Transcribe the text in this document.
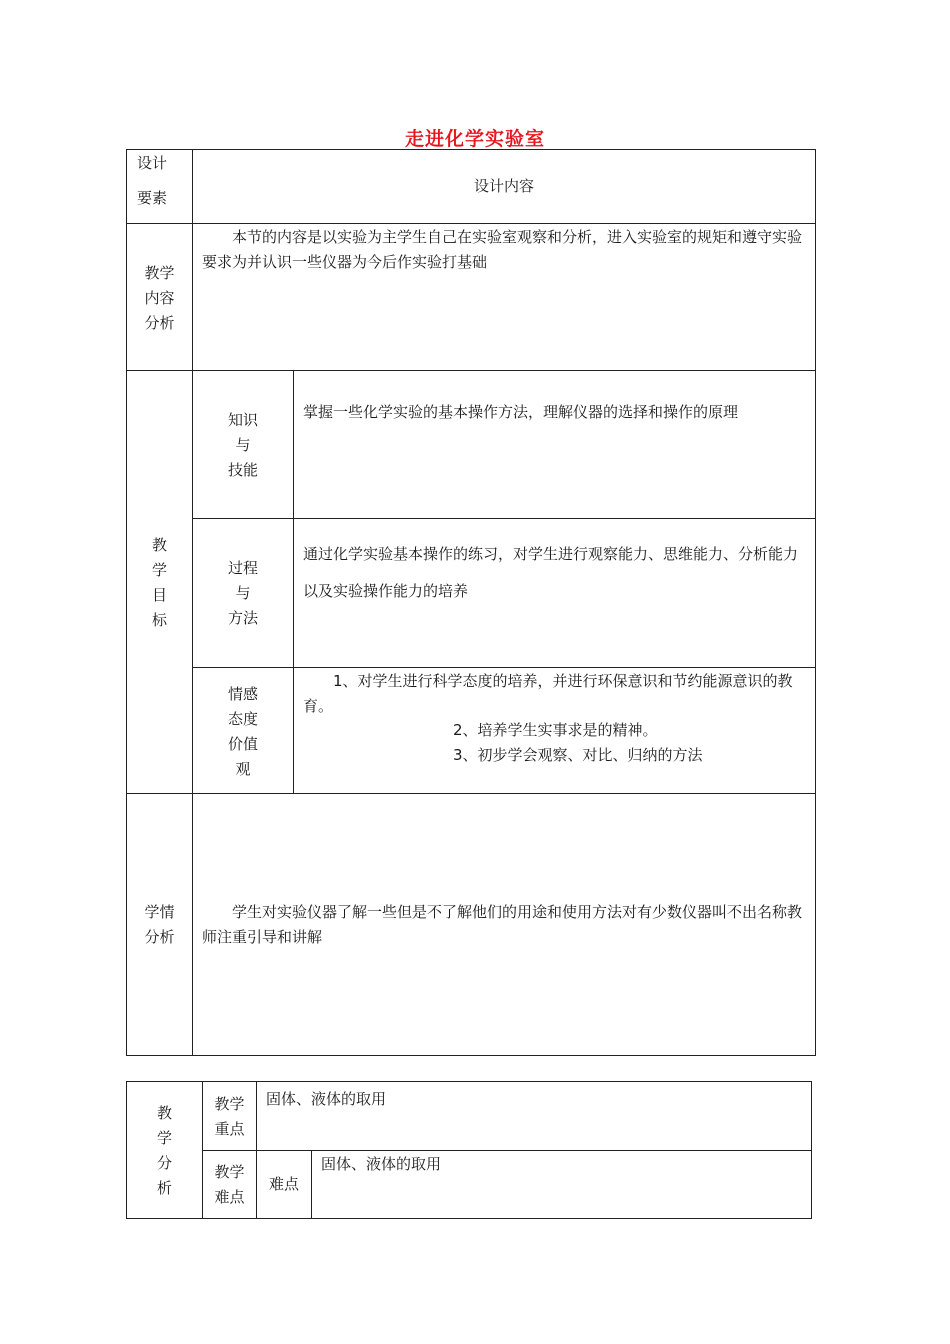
走进化学实验室
设计
要素
设计内容
教学
内容
分析
本节的内容是以实验为主学生自己在实验室观察和分析，进入实验室的规矩和遵守实验要求为并认识一些仪器为今后作实验打基础
教
学
目
标
知识
与
技能
掌握一些化学实验的基本操作方法，理解仪器的选择和操作的原理
过程
与
方法
通过化学实验基本操作的练习，对学生进行观察能力、思维能力、分析能力以及实验操作能力的培养
情感
态度
价值
观
1、对学生进行科学态度的培养，并进行环保意识和节约能源意识的教育。
2、培养学生实事求是的精神。
3、初步学会观察、对比、归纳的方法
学情
分析
学生对实验仪器了解一些但是不了解他们的用途和使用方法对有少数仪器叫不出名称教师注重引导和讲解
教
学
分
析
教学
重点
固体、液体的取用
教学
难点
难点
固体、液体的取用
